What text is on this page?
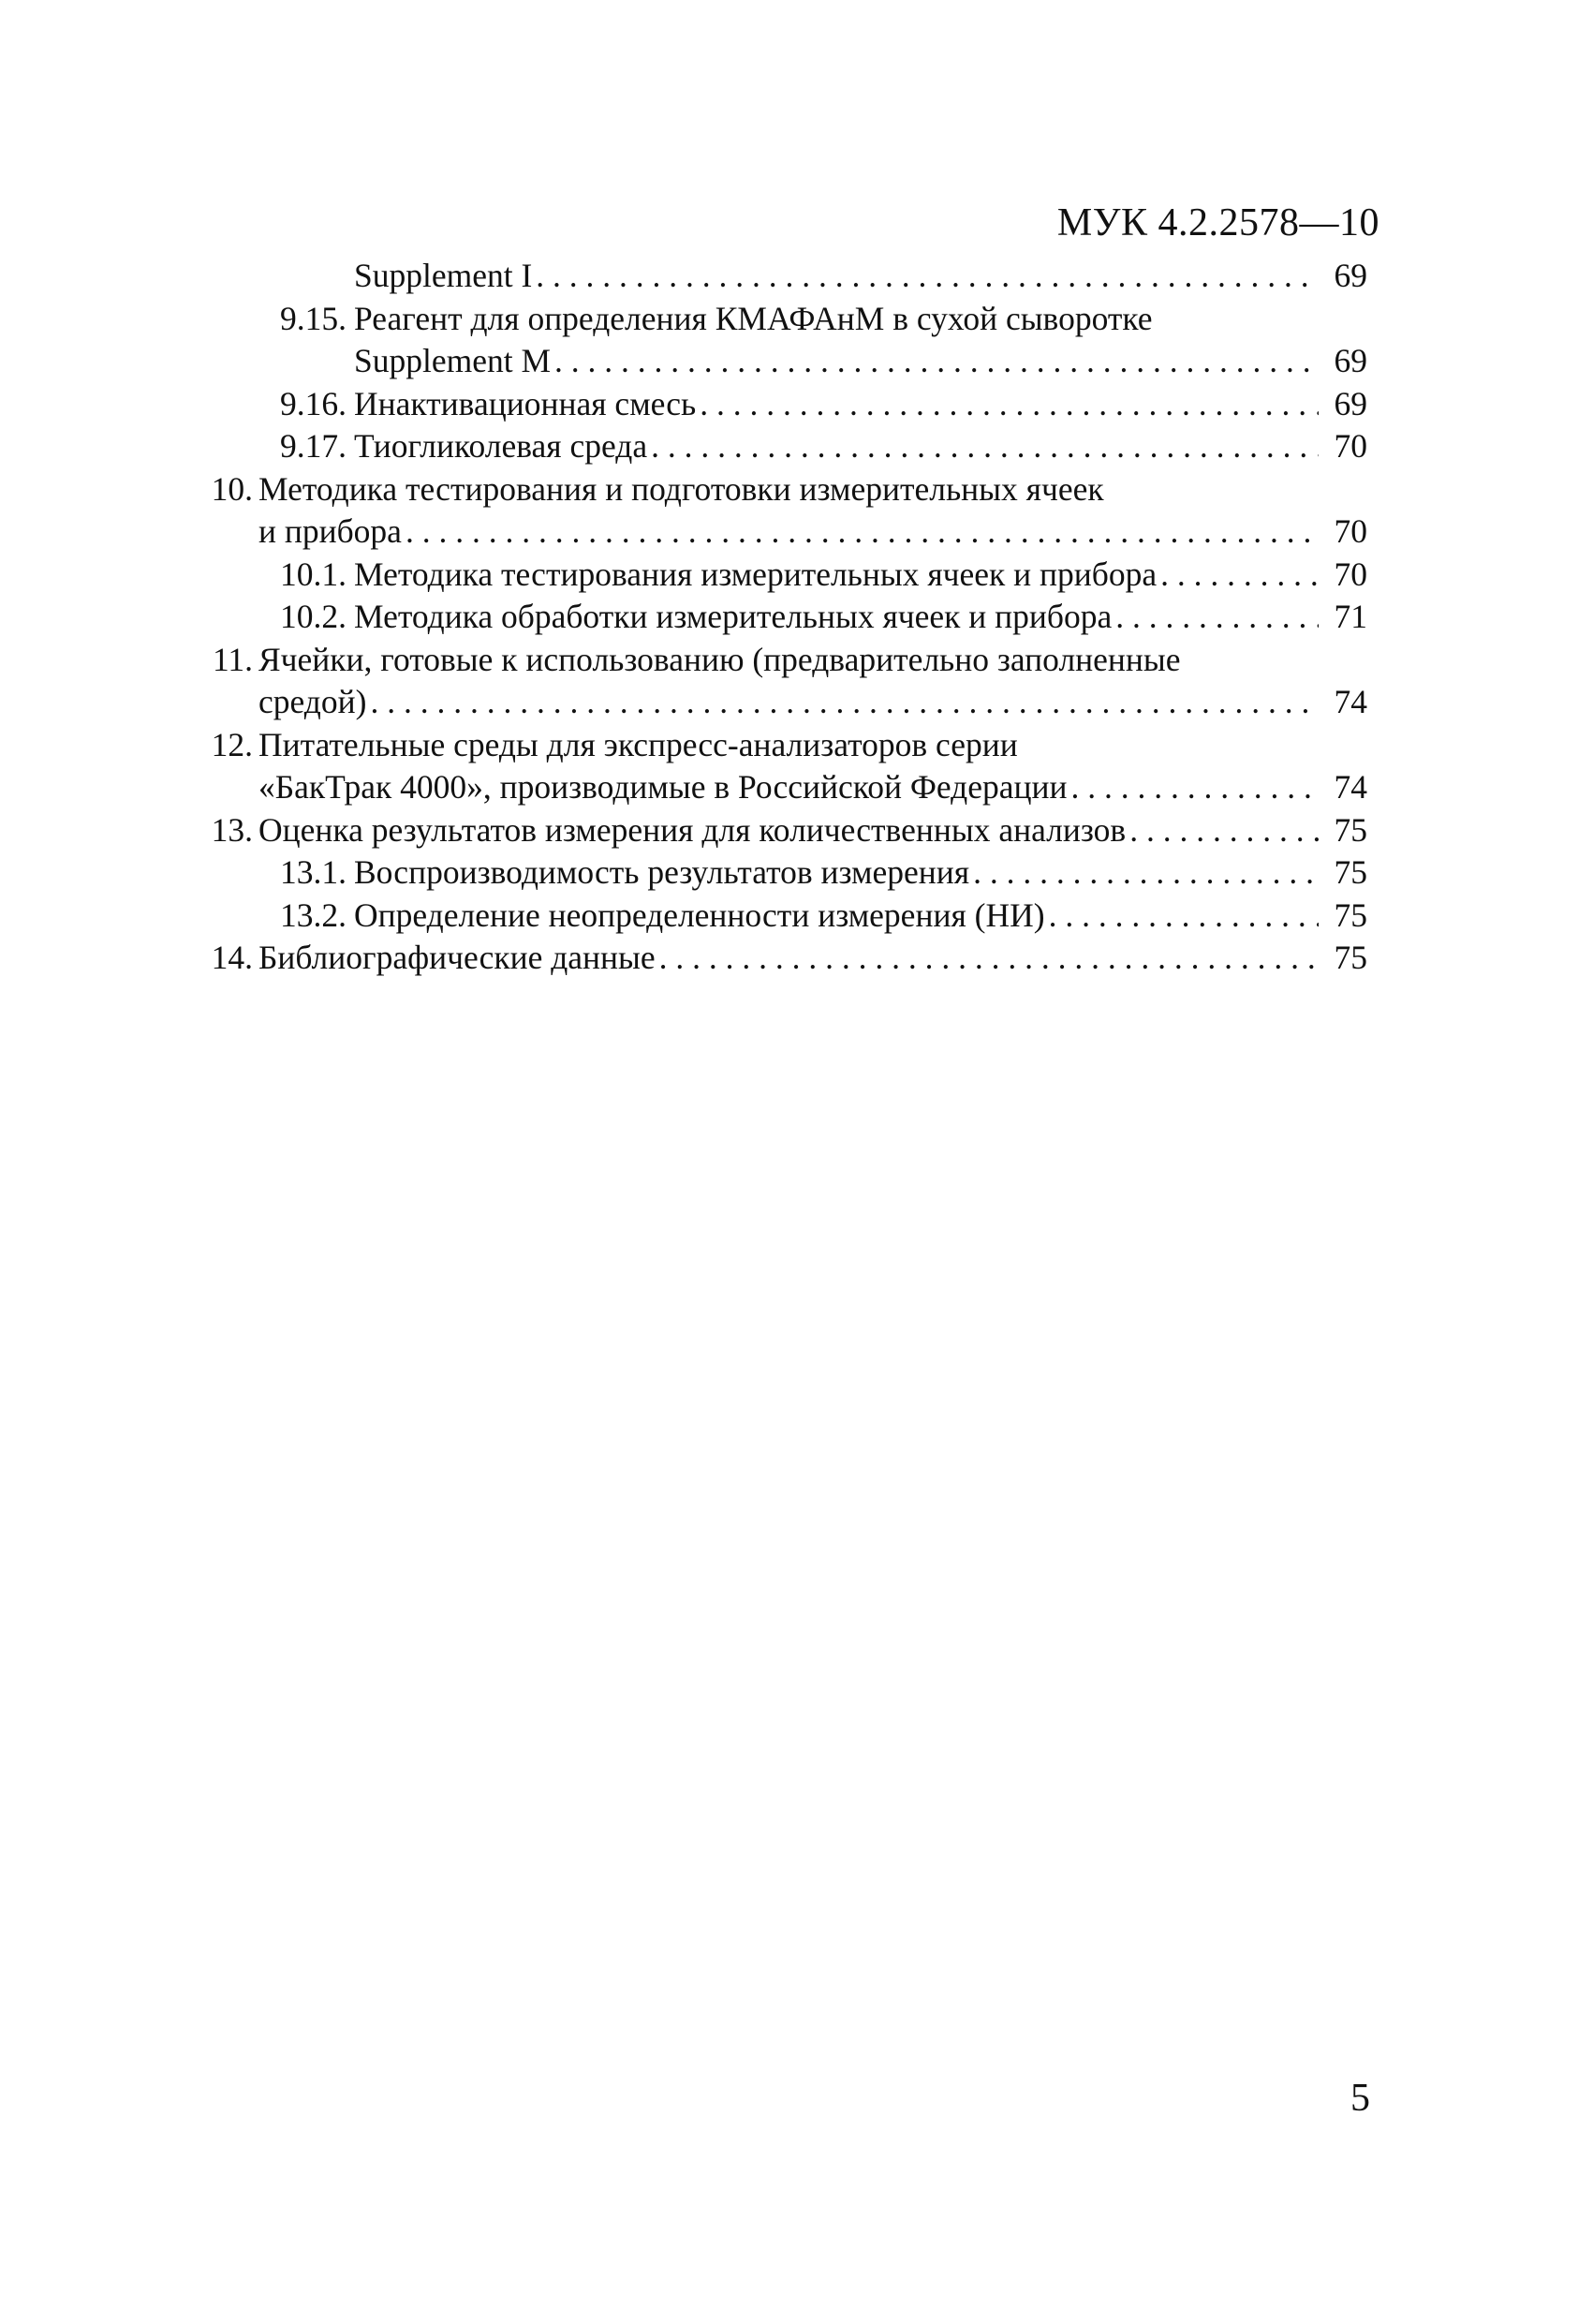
МУК 4.2.2578—10
Supplement I . . .	69
9.15. Реагент для определения КМАФАнМ в сухой сыворотке
Supplement M . . .	69
9.16. Инактивационная смесь . . .	69
9.17. Тиогликолевая среда . . .	70
10. Методика тестирования и подготовки измерительных ячеек
и прибора . . .	70
10.1. Методика тестирования измерительных ячеек и прибора . . .	70
10.2. Методика обработки измерительных ячеек и прибора . . .	71
11. Ячейки, готовые к использованию (предварительно заполненные
средой) . . .	74
12. Питательные среды для экспресс-анализаторов серии
«БакТрак 4000», производимые в Российской Федерации . . .	74
13. Оценка результатов измерения для количественных анализов . . .	75
13.1. Воспроизводимость результатов измерения . . .	75
13.2. Определение неопределенности измерения (НИ) . . .	75
14. Библиографические данные . . .	75
5
